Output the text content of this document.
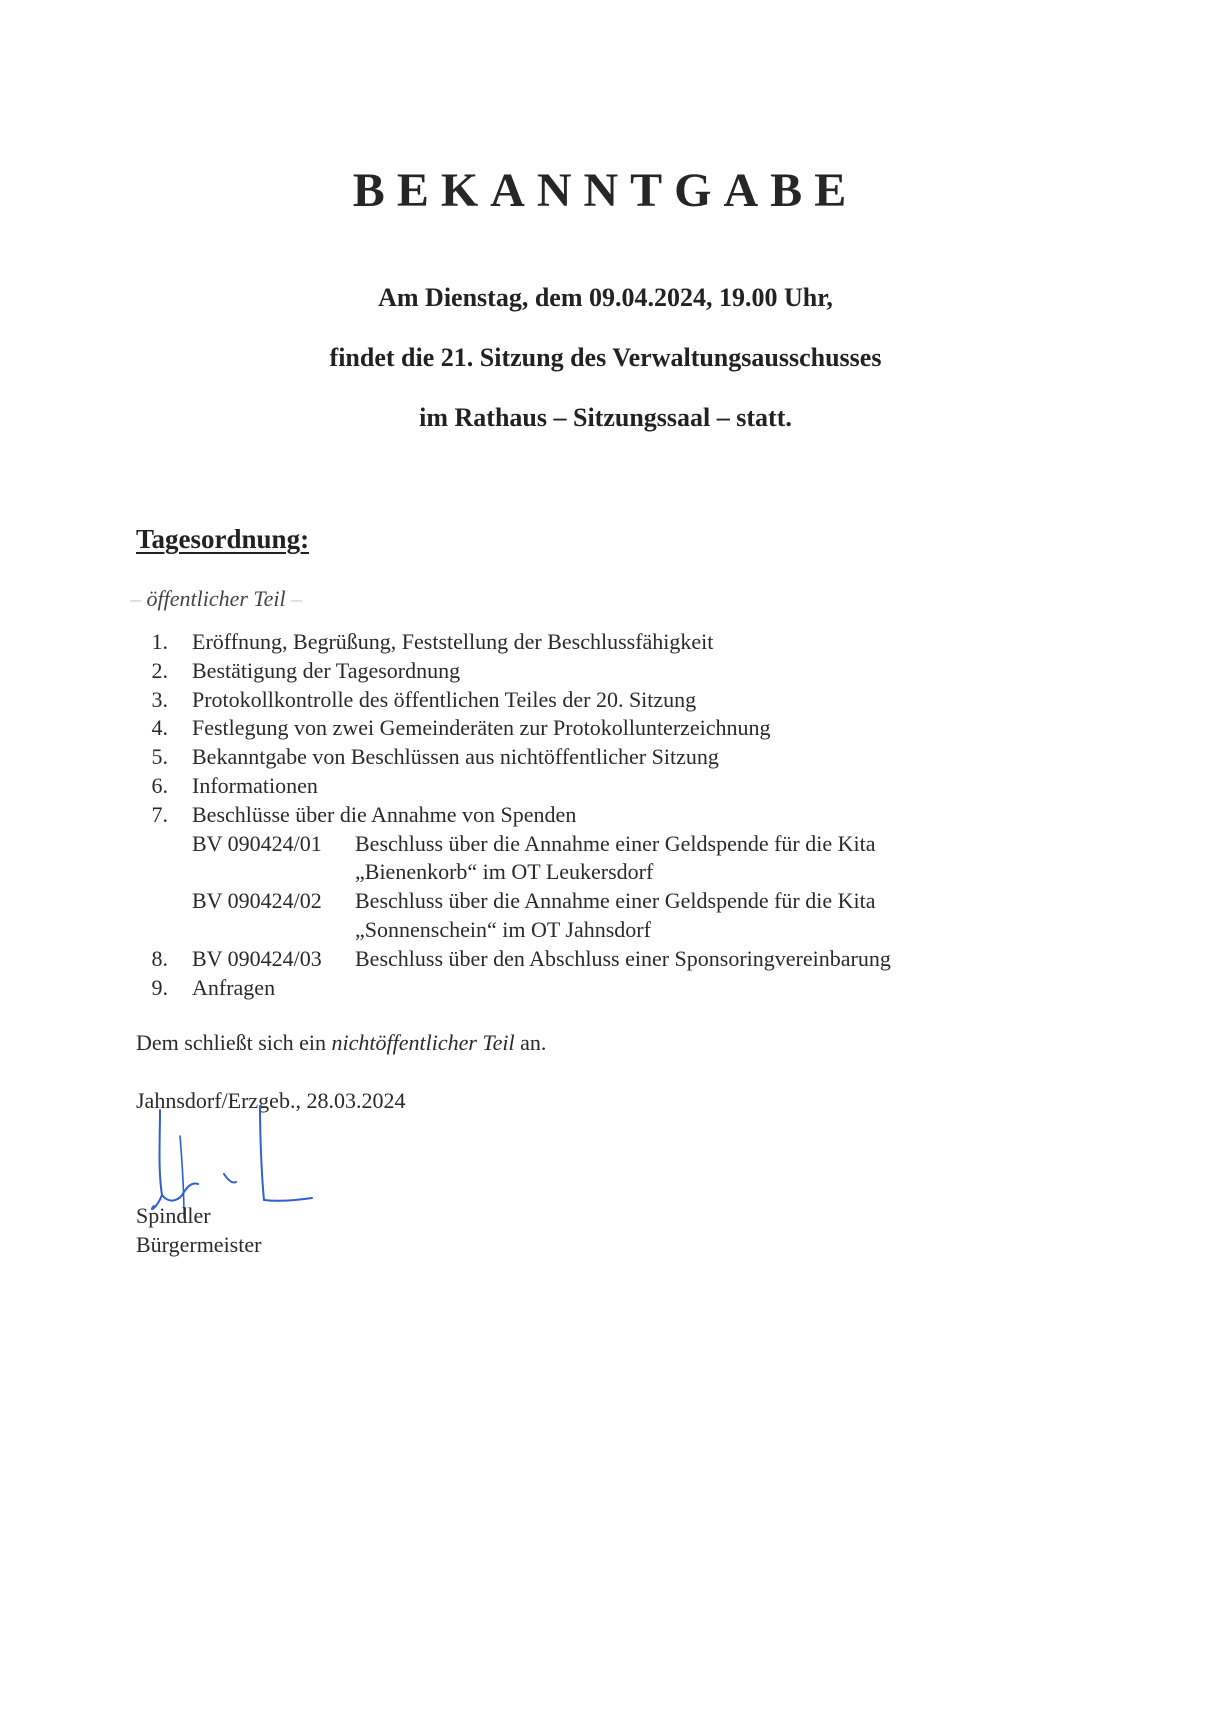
BEKANNTGABE
Am Dienstag, dem 09.04.2024, 19.00 Uhr,
findet die 21. Sitzung des Verwaltungsausschusses
im Rathaus – Sitzungssaal – statt.
Tagesordnung:
– öffentlicher Teil –
1. Eröffnung, Begrüßung, Feststellung der Beschlussfähigkeit
2. Bestätigung der Tagesordnung
3. Protokollkontrolle des öffentlichen Teiles der 20. Sitzung
4. Festlegung von zwei Gemeinderäten zur Protokollunterzeichnung
5. Bekanntgabe von Beschlüssen aus nichtöffentlicher Sitzung
6. Informationen
7. Beschlüsse über die Annahme von Spenden
BV 090424/01 Beschluss über die Annahme einer Geldspende für die Kita
„Bienenkorb“ im OT Leukersdorf
BV 090424/02 Beschluss über die Annahme einer Geldspende für die Kita
„Sonnenschein“ im OT Jahnsdorf
8. BV 090424/03 Beschluss über den Abschluss einer Sponsoringvereinbarung
9. Anfragen
Dem schließt sich ein nichtöffentlicher Teil an.
Jahnsdorf/Erzgeb., 28.03.2024
Spindler
Bürgermeister
